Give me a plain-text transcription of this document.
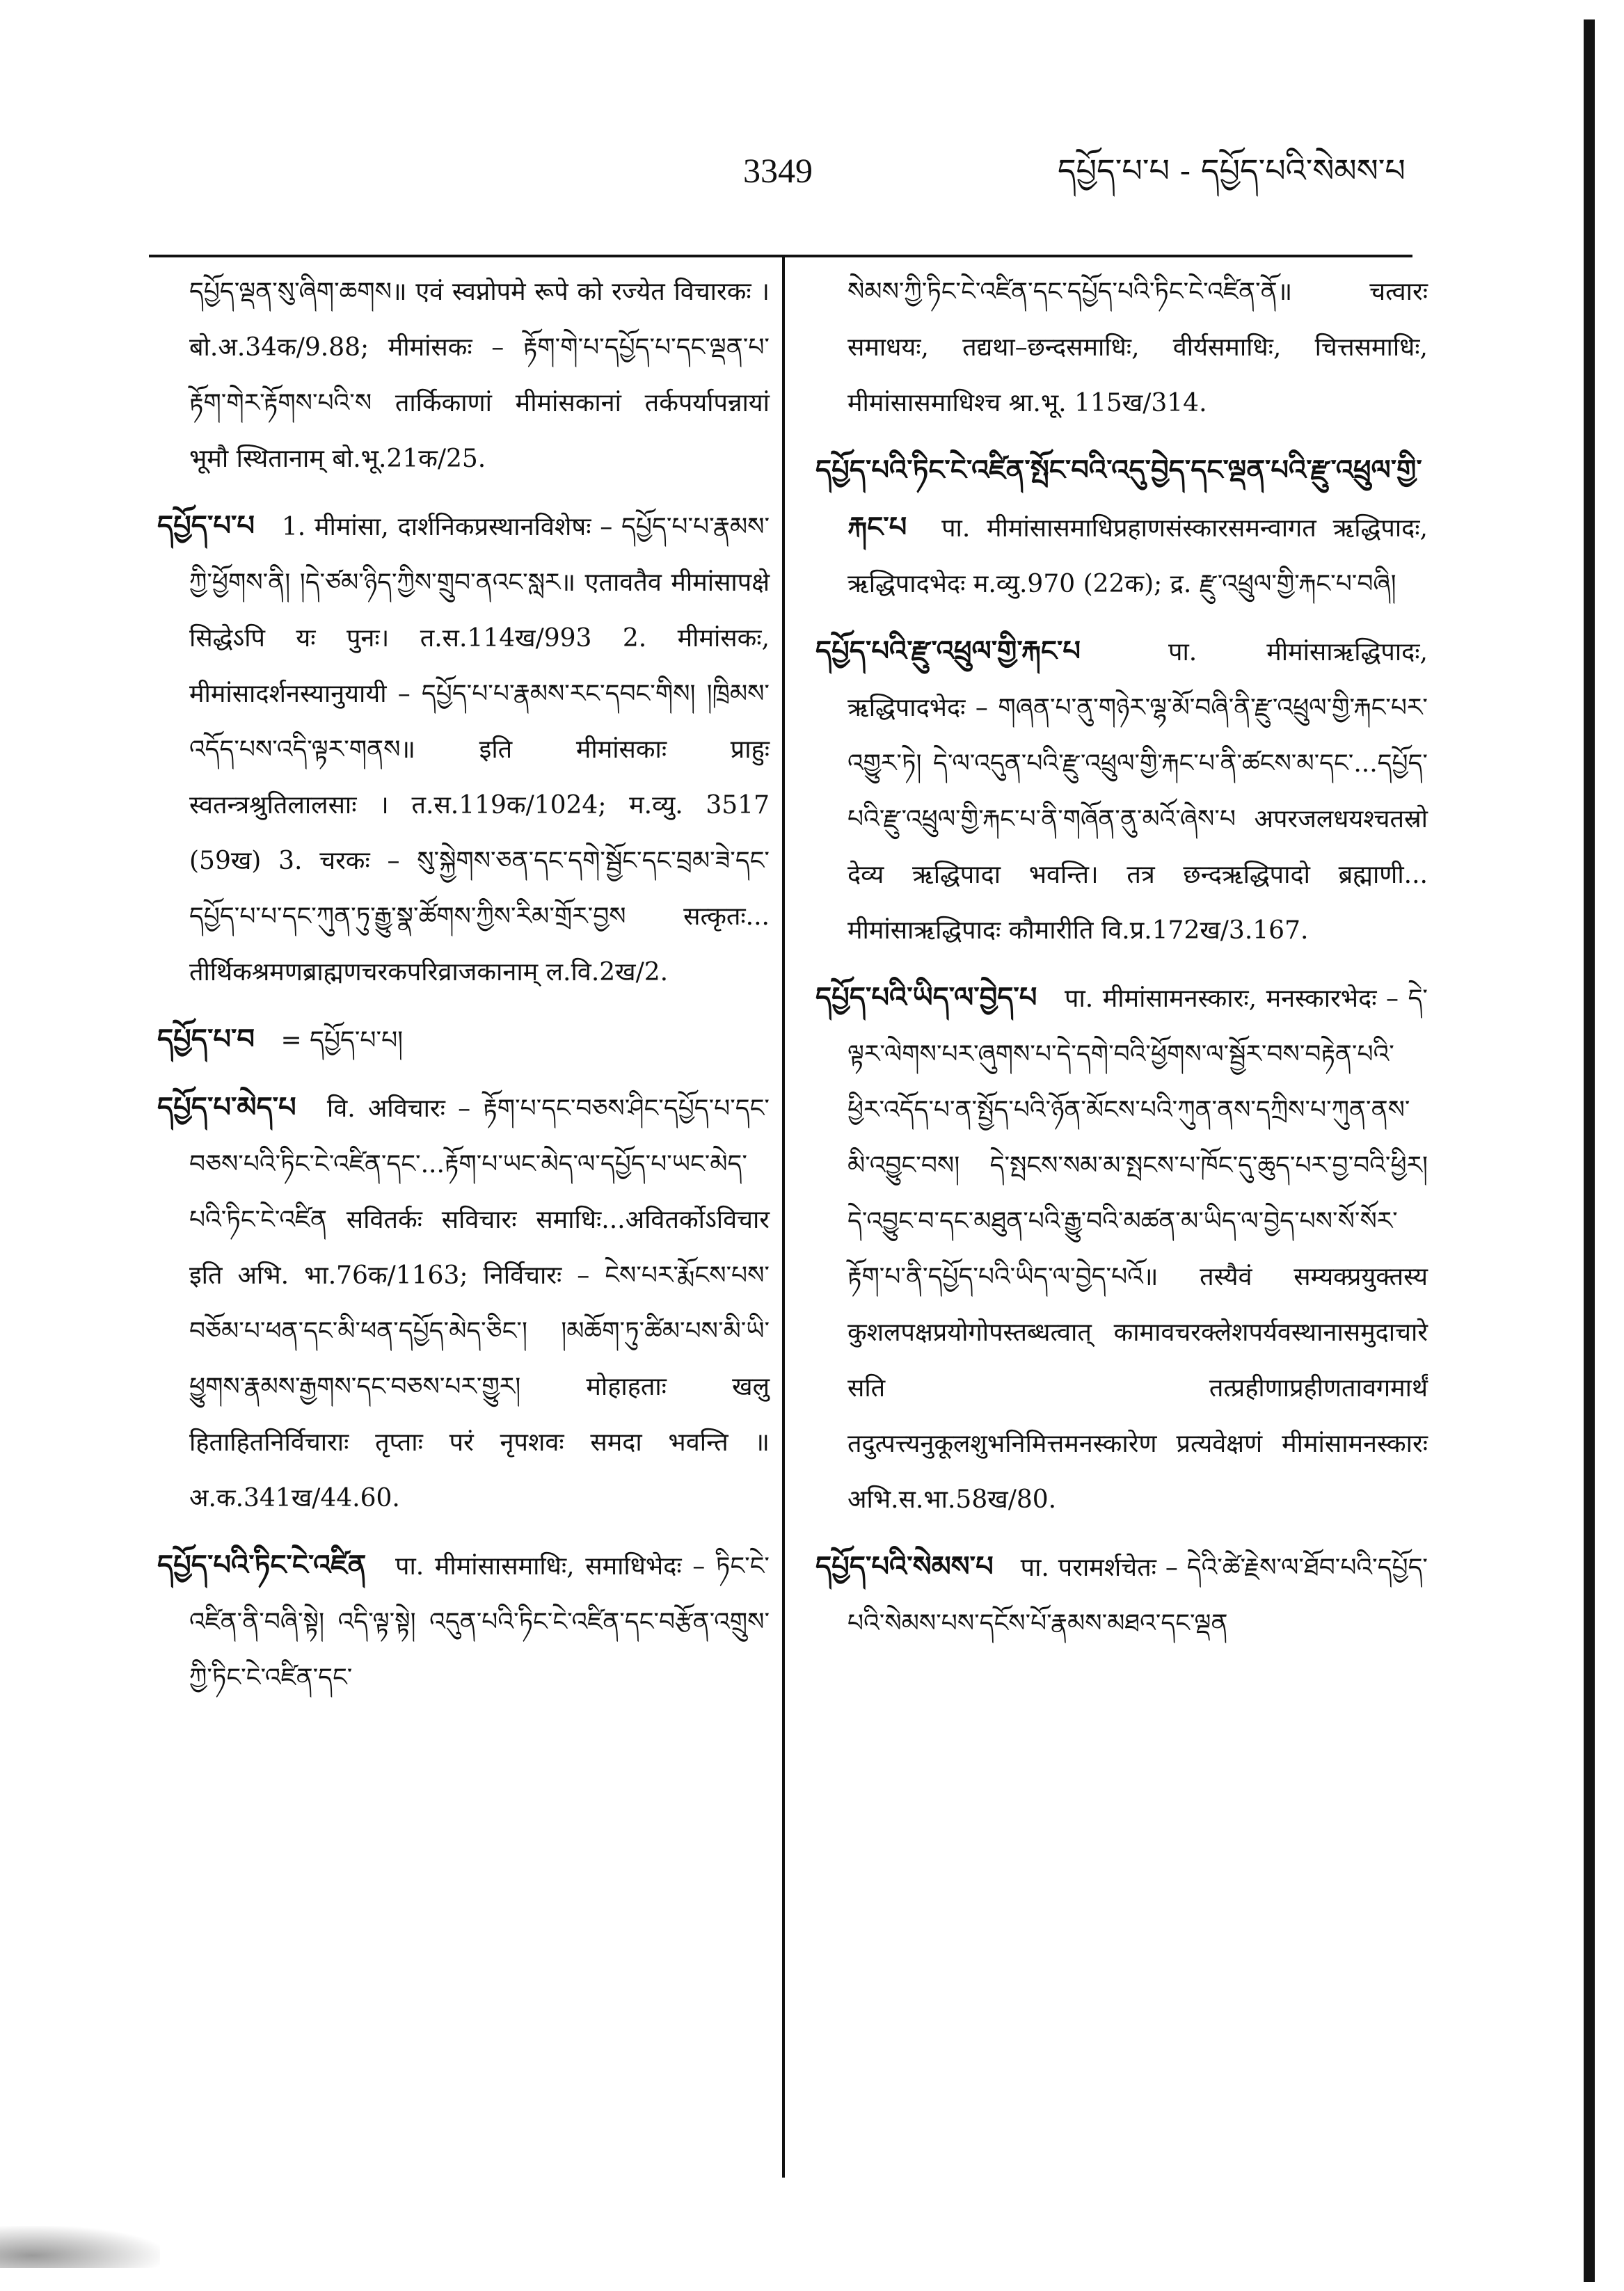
3349	དཔྱོད་པ་པ - དཔྱོད་པའི་སེམས་པ

དཔྱོད་ལྡན་སུ་ཞིག་ཆགས॥ एवं स्वप्नोपमे रूपे को रज्येत विचारकः । बो.अ.34क/9.88; मीमांसकः – རྟོག་གེ་པ་དཔྱོད་པ་དང་ལྡན་པ་རྟོག་གེར་རྟོགས་པའི་ས तार्किकाणां मीमांसकानां तर्कपर्यापन्नायां भूमौ स्थितानाम् बो.भू.21क/25.

དཔྱོད་པ་པ 1. मीमांसा, दार्शनिकप्रस्थानविशेषः – དཔྱོད་པ་པ་རྣམས་ཀྱི་ཕྱོགས་ནི། །དེ་ཙམ་ཉིད་ཀྱིས་གྲུབ་ནའང་སླར॥ एतावतैव मीमांसापक्षे सिद्धेऽपि यः पुनः। त.स.114ख/993 2. मीमांसकः, मीमांसादर्शनस्यानुयायी – དཔྱོད་པ་པ་རྣམས་རང་དབང་གིས། །ཁྲིམས་འདོད་པས་འདི་ལྟར་གནས॥ इति मीमांसकाः प्राहुः स्वतन्त्रश्रुतिलालसाः । त.स.119क/1024; म.व्यु. 3517 (59ख) 3. चरकः – སུ་སྐྱེགས་ཅན་དང་དགེ་སྦྱོང་དང་བྲམ་ཟེ་དང་དཔྱོད་པ་པ་དང་ཀུན་ཏུ་རྒྱུ་སྣ་ཚོགས་ཀྱིས་རིམ་གྲོར་བྱས सत्कृतः... तीर्थिकश्रमणब्राह्मणचरकपरिव्राजकानाम् ल.वि.2ख/2.

དཔྱོད་པ་བ = དཔྱོད་པ་པ།

དཔྱོད་པ་མེད་པ वि. अविचारः – རྟོག་པ་དང་བཅས་ཤིང་དཔྱོད་པ་དང་བཅས་པའི་ཏིང་ངེ་འཛིན་དང་...རྟོག་པ་ཡང་མེད་ལ་དཔྱོད་པ་ཡང་མེད་པའི་ཏིང་ངེ་འཛིན सवितर्कः सविचारः समाधिः...अवितर्कोऽविचार इति अभि. भा.76क/1163; निर्विचारः – ངེས་པར་རྨོངས་པས་བཅོམ་པ་ཕན་དང་མི་ཕན་དཔྱོད་མེད་ཅིང་། །མཆོག་ཏུ་ཚིམ་པས་མི་ཡི་ཕྱུགས་རྣམས་རྒྱགས་དང་བཅས་པར་གྱུར། मोहाहताः खलु हिताहितनिर्विचाराः तृप्ताः परं नृपशवः समदा भवन्ति ॥ अ.क.341ख/44.60.

དཔྱོད་པའི་ཏིང་ངེ་འཛིན पा. मीमांसासमाधिः, समाधिभेदः – ཏིང་ངེ་འཛིན་ནི་བཞི་སྟེ། འདི་ལྟ་སྟེ། འདུན་པའི་ཏིང་ངེ་འཛིན་དང་བརྩོན་འགྲུས་ཀྱི་ཏིང་ངེ་འཛིན་དང་

སེམས་ཀྱི་ཏིང་ངེ་འཛིན་དང་དཔྱོད་པའི་ཏིང་ངེ་འཛིན་ནོ॥ चत्वारः समाधयः, तद्यथा–छन्दसमाधिः, वीर्यसमाधिः, चित्तसमाधिः, मीमांसासमाधिश्च श्रा.भू. 115ख/314.

དཔྱོད་པའི་ཏིང་ངེ་འཛིན་སྤོང་བའི་འདུ་བྱེད་དང་ལྡན་པའི་རྫུ་འཕྲུལ་གྱི་རྐང་པ पा. मीमांसासमाधिप्रहाणसंस्कारसमन्वागत ऋद्धिपादः, ऋद्धिपादभेदः म.व्यु.970 (22क); द्र. རྫུ་འཕྲུལ་གྱི་རྐང་པ་བཞི།

དཔྱོད་པའི་རྫུ་འཕྲུལ་གྱི་རྐང་པ	पा. मीमांसाऋद्धिपादः, ऋद्धिपादभेदः – གཞན་པ་ནུ་གཉེར་ལྷ་མོ་བཞི་ནི་རྫུ་འཕྲུལ་གྱི་རྐང་པར་འགྱུར་ཏེ། དེ་ལ་འདུན་པའི་རྫུ་འཕྲུལ་གྱི་རྐང་པ་ནི་ཚངས་མ་དང་...དཔྱོད་པའི་རྫུ་འཕྲུལ་གྱི་རྐང་པ་ནི་གཞོན་ནུ་མའོ་ཞེས་པ अपरजलधयश्चतस्रो देव्य ऋद्धिपादा भवन्ति। तत्र छन्दऋद्धिपादो ब्रह्माणी... मीमांसाऋद्धिपादः कौमारीति वि.प्र.172ख/3.167.

དཔྱོད་པའི་ཡིད་ལ་བྱེད་པ पा. मीमांसामनस्कारः, मनस्कारभेदः – དེ་ལྟར་ལེགས་པར་ཞུགས་པ་དེ་དགེ་བའི་ཕྱོགས་ལ་སྦྱོར་བས་བརྟེན་པའི་ཕྱིར་འདོད་པ་ན་སྤྱོད་པའི་ཉོན་མོངས་པའི་ཀུན་ནས་དཀྲིས་པ་ཀུན་ནས་མི་འབྱུང་བས། དེ་སྤངས་སམ་མ་སྤངས་པ་ཁོང་དུ་ཆུད་པར་བྱ་བའི་ཕྱིར། དེ་འབྱུང་བ་དང་མཐུན་པའི་རྒྱུ་བའི་མཚན་མ་ཡིད་ལ་བྱེད་པས་སོ་སོར་རྟོག་པ་ནི་དཔྱོད་པའི་ཡིད་ལ་བྱེད་པའོ॥ तस्यैवं सम्यक्प्रयुक्तस्य कुशलपक्षप्रयोगोपस्तब्धत्वात् कामावचरक्लेशपर्यवस्थानासमुदाचारे सति तत्प्रहीणाप्रहीणतावगमार्थं तदुत्पत्त्यनुकूलशुभनिमित्तमनस्कारेण प्रत्यवेक्षणं मीमांसामनस्कारः अभि.स.भा.58ख/80.

དཔྱོད་པའི་སེམས་པ पा. परामर्शचेतः – དེའི་ཚེ་རྗེས་ལ་ཐོབ་པའི་དཔྱོད་པའི་སེམས་པས་དངོས་པོ་རྣམས་མཐའ་དང་ལྡན
